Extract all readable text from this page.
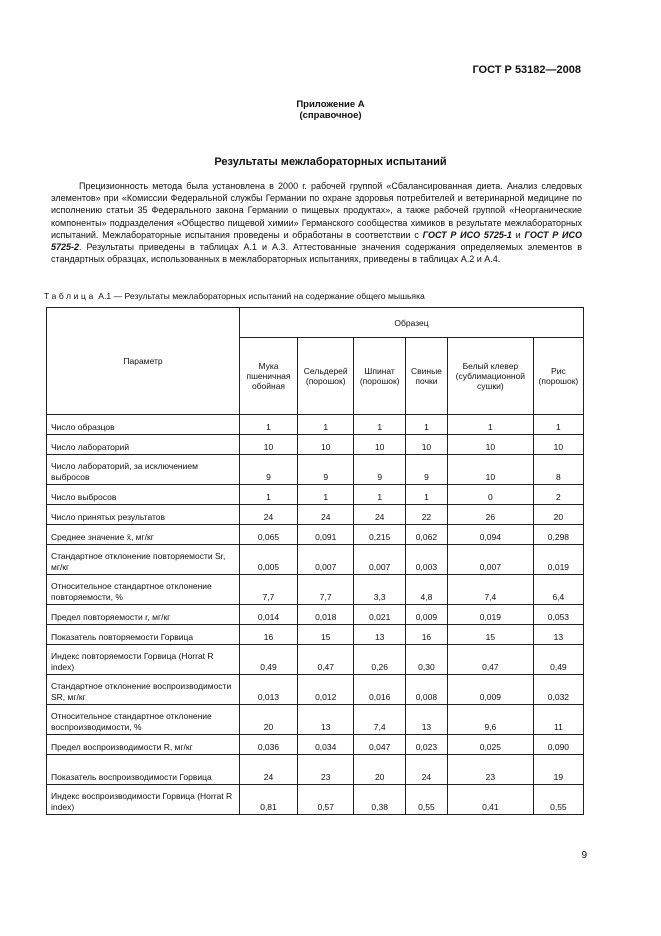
ГОСТ Р 53182—2008
Приложение А
(справочное)
Результаты межлабораторных испытаний
Прецизионность метода была установлена в 2000 г. рабочей группой «Сбалансированная диета. Анализ следовых элементов» при «Комиссии Федеральной службы Германии по охране здоровья потребителей и ветеринарной медицине по исполнению статьи 35 Федерального закона Германии о пищевых продуктах», а также рабочей группой «Неорганические компоненты» подразделения «Общество пищевой химии» Германского сообщества химиков в результате межлабораторных испытаний. Межлабораторные испытания проведены и обработаны в соответствии с ГОСТ Р ИСО 5725-1 и ГОСТ Р ИСО 5725-2. Результаты приведены в таблицах А.1 и А.3. Аттестованные значения содержания определяемых элементов в стандартных образцах, использованных в межлабораторных испытаниях, приведены в таблицах А.2 и А.4.
Таблица А.1 — Результаты межлабораторных испытаний на содержание общего мышьяка
Параметр	Образец					
	Мука пшеничная обойная	Сельдерей (порошок)	Шпинат (порошок)	Свиные почки	Белый клевер (сублимационной сушки)	Рис (порошок)
Число образцов	1	1	1	1	1	1
Число лабораторий	10	10	10	10	10	10
Число лабораторий, за исключением выбросов	9	9	9	9	10	8
Число выбросов	1	1	1	1	0	2
Число принятых результатов	24	24	24	22	26	20
Среднее значение x̄, мг/кг	0,065	0,091	0,215	0,062	0,094	0,298
Стандартное отклонение повторяемости Sr, мг/кг	0,005	0,007	0,007	0,003	0,007	0,019
Относительное стандартное отклонение повторяемости, %	7,7	7,7	3,3	4,8	7,4	6,4
Предел повторяемости r, мг/кг	0,014	0,018	0,021	0,009	0,019	0,053
Показатель повторяемости Горвица	16	15	13	16	15	13
Индекс повторяемости Горвица (Horrat R index)	0,49	0,47	0,26	0,30	0,47	0,49
Стандартное отклонение воспроизводимости SR, мг/кг	0,013	0,012	0,016	0,008	0,009	0,032
Относительное стандартное отклонение воспроизводимости, %	20	13	7,4	13	9,6	11
Предел воспроизводимости R, мг/кг	0,036	0,034	0,047	0,023	0,025	0,090
Показатель воспроизводимости Горвица	24	23	20	24	23	19
Индекс воспроизводимости Горвица (Horrat R index)	0,81	0,57	0,38	0,55	0,41	0,55
9
